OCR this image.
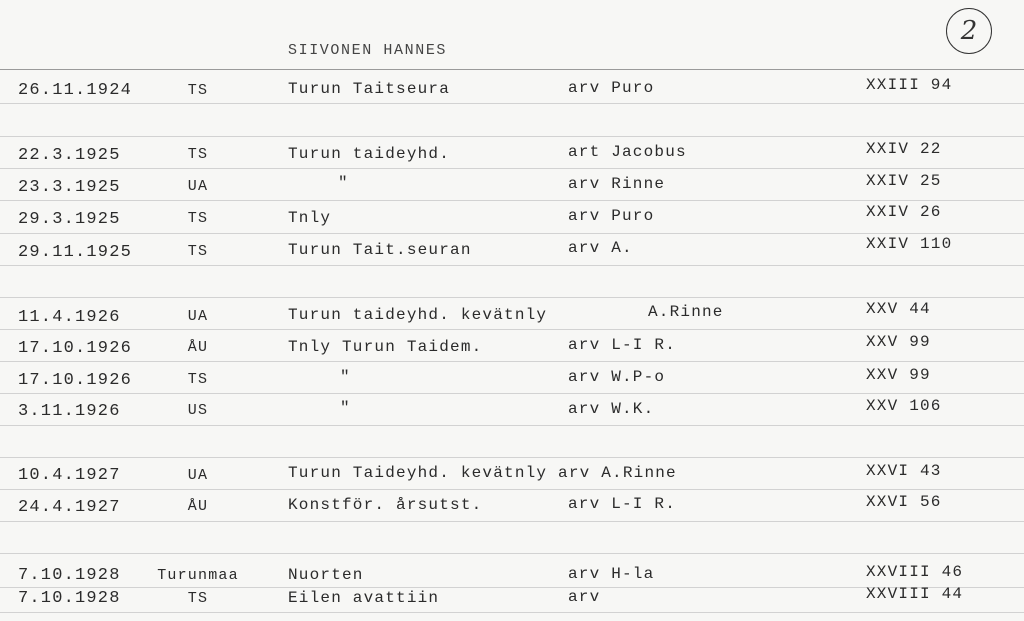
SIIVONEN HANNES
2
26.11.1924	TS	Turun Taitseura	arv Puro	XXIII 94
22.3.1925	TS	Turun taideyhd.	art Jacobus	XXIV 22
23.3.1925	UA	"	arv Rinne	XXIV 25
29.3.1925	TS	Tnly	arv Puro	XXIV 26
29.11.1925	TS	Turun Tait.seuran	arv A.	XXIV 110
11.4.1926	UA	Turun taideyhd. kevätnly	A.Rinne	XXV 44
17.10.1926	ÅU	Tnly Turun Taidem.	arv L-I R.	XXV 99
17.10.1926	TS	"	arv W.P-o	XXV 99
3.11.1926	US	"	arv W.K.	XXV 106
10.4.1927	UA	Turun Taideyhd. kevätnly arv A.Rinne	XXVI 43
24.4.1927	ÅU	Konstför. årsutst.	arv L-I R.	XXVI 56
7.10.1928	Turunmaa	Nuorten	arv H-la	XXVIII 46
7.10.1928	TS	Eilen avattiin	arv	XXVIII 44
